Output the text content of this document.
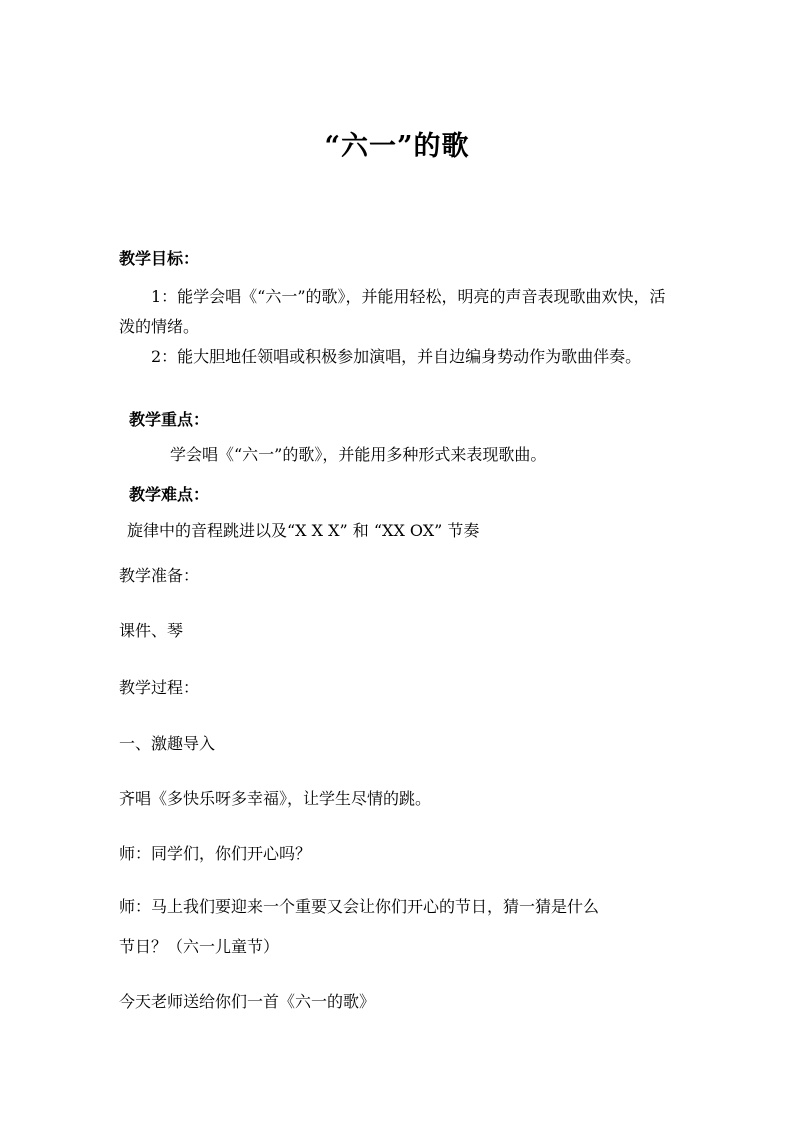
“六一”的歌
教学目标：
1：能学会唱《“六一”的歌》，并能用轻松，明亮的声音表现歌曲欢快，活泼的情绪。
2：能大胆地任领唱或积极参加演唱，并自边编身势动作为歌曲伴奏。
教学重点：
学会唱《“六一”的歌》，并能用多种形式来表现歌曲。
教学难点：
旋律中的音程跳进以及“X X X” 和 “XX OX” 节奏
教学准备：
课件、琴
教学过程：
一、激趣导入
齐唱《多快乐呀多幸福》，让学生尽情的跳。
师：同学们，你们开心吗？
师：马上我们要迎来一个重要又会让你们开心的节日，猜一猜是什么
节日？（六一儿童节）
今天老师送给你们一首《六一的歌》
